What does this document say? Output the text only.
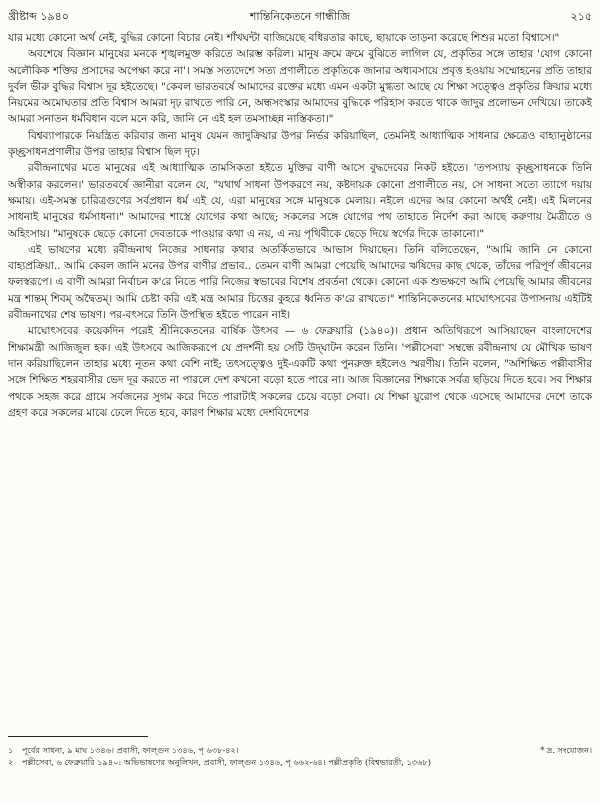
খ্রীষ্টাব্দ ১৯৪০	শান্তিনিকেতনে গান্ধীজি	২১৫

যার মধ্যে কোনো অর্থ নেই, বুদ্ধির কোনো বিচার নেই। শাঁখঘন্টা বাজিয়েছে বধিরতার কাছে, ছায়াকে তাড়না করেছে শিশুর মতো বিশ্বাসে।"

অবশেষে বিজ্ঞান মানুষের মনকে শৃঙ্খলমুক্ত করিতে আরম্ভ করিল। মানুষ ক্রমে ক্রমে বুঝিতে লাগিল যে, প্রকৃতির সঙ্গে তাহার 'যোগ কোনো অলৌকিক শক্তির প্রসাদের অপেক্ষা করে না'। সমস্ত সত্যদেশে সত্য প্রণালীতে প্রকৃতিকে জানার অধ্যবসায়ে প্রবৃত্ত হওয়ায় সম্মোহনের প্রতি তাহার দুর্বল ভীরু বুদ্ধির বিশ্বাস দূর হইতেছে। "কেবল ভারতবর্ষে আমাদের রক্তের মধ্যে এমন একটা মুগ্ধতা আছে যে শিক্ষা সত্ত্বেও প্রকৃতির ক্রিয়ার মধ্যে নিয়মের অমোঘতার প্রতি বিশ্বাস আমরা দৃঢ় রাখতে পারি নে, অন্ধসংস্কার আমাদের বুদ্ধিকে পরিহাস করতে থাকে জাদুর প্রলোভন দেখিয়ে। তাকেই আমরা সনাতন ধর্মবিধান বলে মনে করি, জানি নে এই হল তমসাচ্ছন্ন নাস্তিকতা।"

বিশ্বব্যাপারকে নিয়ন্ত্রিত করিবার জন্য মানুষ যেমন জাদুক্রিয়ার উপর নির্ভর করিয়াছিল, তেমনিই আধ্যাত্মিক সাধনার ক্ষেত্রেও বাহ্যানুষ্ঠানের কৃচ্ছ্রসাধনপ্রণালীর উপর তাহার বিশ্বাস ছিল দৃঢ়।

রবীন্দ্রনাথের মতে মানুষের এই আধ্যাত্মিক তামসিকতা হইতে মুক্তির বাণী আসে বুদ্ধদেবের নিকট হইতে। 'তপস্যায় কৃচ্ছ্রসাধনকে তিনি অস্বীকার করলেন।' ভারতবর্ষে জ্ঞানীরা বলেন যে, "যথার্থ সাধনা উপকরণে নয়, কষ্টদায়ক কোনো প্রণালীতে নয়, সে সাধনা সত্যে ত্যাগে দয়ায় ক্ষমায়। এই-সমস্ত চারিত্রগুণের সর্বপ্রধান ধর্ম এই যে, এরা মানুষের সঙ্গে মানুষকে মেলায়। নইলে এদের আর কোনো অর্থই নেই। এই মিলনের সাধনাই মানুষের ধর্মসাধনা।" আমাদের শাস্ত্রে যোগের কথা আছে; সকলের সঙ্গে যোগের পথ তাহাতে নির্দেশ করা আছে করুণায় মৈত্রীতে ও অহিংসায়। "মানুষকে ছেড়ে কোনো দেবতাকে পাওয়ার কথা এ নয়, এ নয় পৃথিবীকে ছেড়ে দিয়ে স্বর্গের দিকে তাকানো।"

এই ভাষণের মধ্যে রবীন্দ্রনাথ নিজের সাধনার কথার অতর্কিতভাবে আভাস দিয়াছেন। তিনি বলিতেছেন, "আমি জানি নে কোনো বাহ্যপ্রক্রিয়া.. আমি কেবল জানি মনের উপর বাণীর প্রভাব.. তেমন বাণী আমরা পেয়েছি আমাদের ঋষিদের কাছ থেকে, তাঁদের পরিপূর্ণ জীবনের ফলস্বরূপে। এ বাণী আমরা নির্বাচন ক'রে নিতে পারি নিজের স্বভাবের বিশেষ প্রবর্তনা থেকে। কোনো এক শুভক্ষণে আমি পেয়েছি আমার জীবনের মন্ত্র শান্তম্ শিবম্ অদ্বৈতম্। আমি চেষ্টা করি এই মন্ত্র আমার চিত্তের কুহরে ধ্বনিত ক'রে রাখতে।" শান্তিনিকেতনের মাঘোৎসবের উপাসনায় এইটিই রবীন্দ্রনাথের শেষ ভাষণ। পর-বৎসরে তিনি উপস্থিত হইতে পারেন নাই।

মাঘোৎসবের কয়েকদিন পরেই শ্রীনিকেতনের বার্ষিক উৎসব — ৬ ফেব্রুয়ারি (১৯৪০)। প্রধান অতিথিরূপে আসিয়াছেন বাংলাদেশের শিক্ষামন্ত্রী আজিজুল হক। এই উৎসবে আজিকরূপে যে প্রদর্শনী হয় সেটি উদ্‌ঘাটন করেন তিনি। 'পল্লীসেবা' সম্বন্ধে রবীন্দ্রনাথ যে মৌখিক ভাষণ দান করিয়াছিলেন তাহার মধ্যে নূতন কথা বেশি নাই; তৎসত্ত্বেও দুই-একটি কথা পুনরুক্ত হইলেও স্মরণীয়। তিনি বলেন, "অশিক্ষিত পল্লীবাসীর সঙ্গে শিক্ষিত শহরবাসীর ভেদ দূর করতে না পারলে দেশ কখনো বড়ো হতে পারে না। আজ বিজ্ঞানের শিক্ষাকে সর্বত্র ছড়িয়ে দিতে হবে। সব শিক্ষার পথকে সহজ করে গ্রামে সর্বজনের সুগম করে দিতে পারাটাই সকলের চেয়ে বড়ো সেবা। যে শিক্ষা য়ুরোপ থেকে এসেছে আমাদের দেশে তাকে গ্রহণ করে সকলের মাঝে ঢেলে দিতে হবে, কারণ শিক্ষার মধ্যে দেশবিদেশের

১ পূর্বের সাধনা, ৯ মাঘ ১৩৪৬। প্রবাসী, ফাল্গুন ১৩৪৬, পৃ ৬৩৮-৪২।	* দ্র. সংযোজন।
২ পল্লীসেবা, ৬ ফেব্রুয়ারি ১৯৪০: অভিভাষণের অনুলিখন, প্রবাসী, ফাল্গুন ১৩৪৬, পৃ ৬৬২-৬৪। পল্লীপ্রকৃতি (বিশ্বভারতী, ১৩৬৮)
